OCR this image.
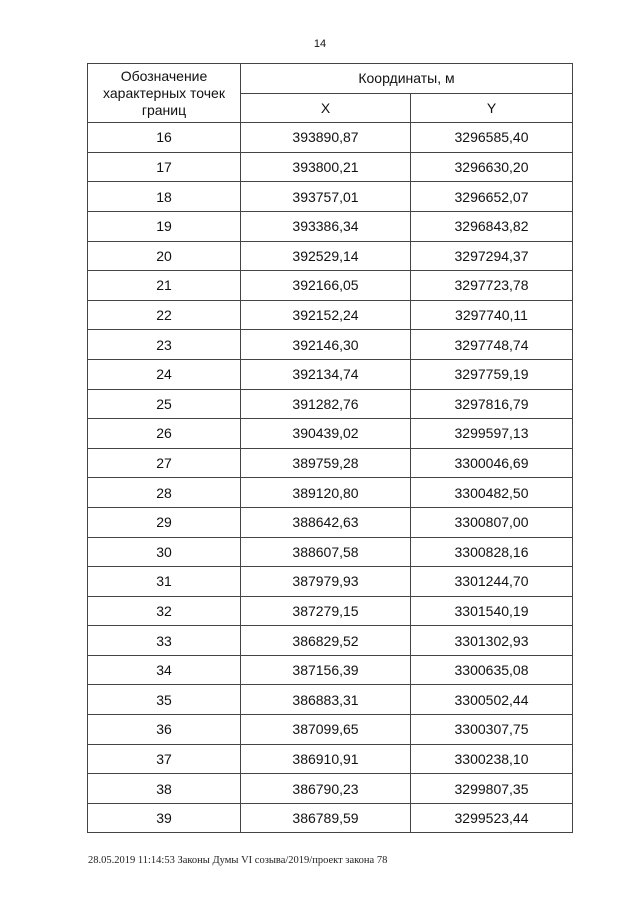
14
Обозначение характерных точек границ	Координаты, м	
	X	Y
16	393890,87	3296585,40
17	393800,21	3296630,20
18	393757,01	3296652,07
19	393386,34	3296843,82
20	392529,14	3297294,37
21	392166,05	3297723,78
22	392152,24	3297740,11
23	392146,30	3297748,74
24	392134,74	3297759,19
25	391282,76	3297816,79
26	390439,02	3299597,13
27	389759,28	3300046,69
28	389120,80	3300482,50
29	388642,63	3300807,00
30	388607,58	3300828,16
31	387979,93	3301244,70
32	387279,15	3301540,19
33	386829,52	3301302,93
34	387156,39	3300635,08
35	386883,31	3300502,44
36	387099,65	3300307,75
37	386910,91	3300238,10
38	386790,23	3299807,35
39	386789,59	3299523,44
28.05.2019 11:14:53 Законы Думы VI созыва/2019/проект закона 78
